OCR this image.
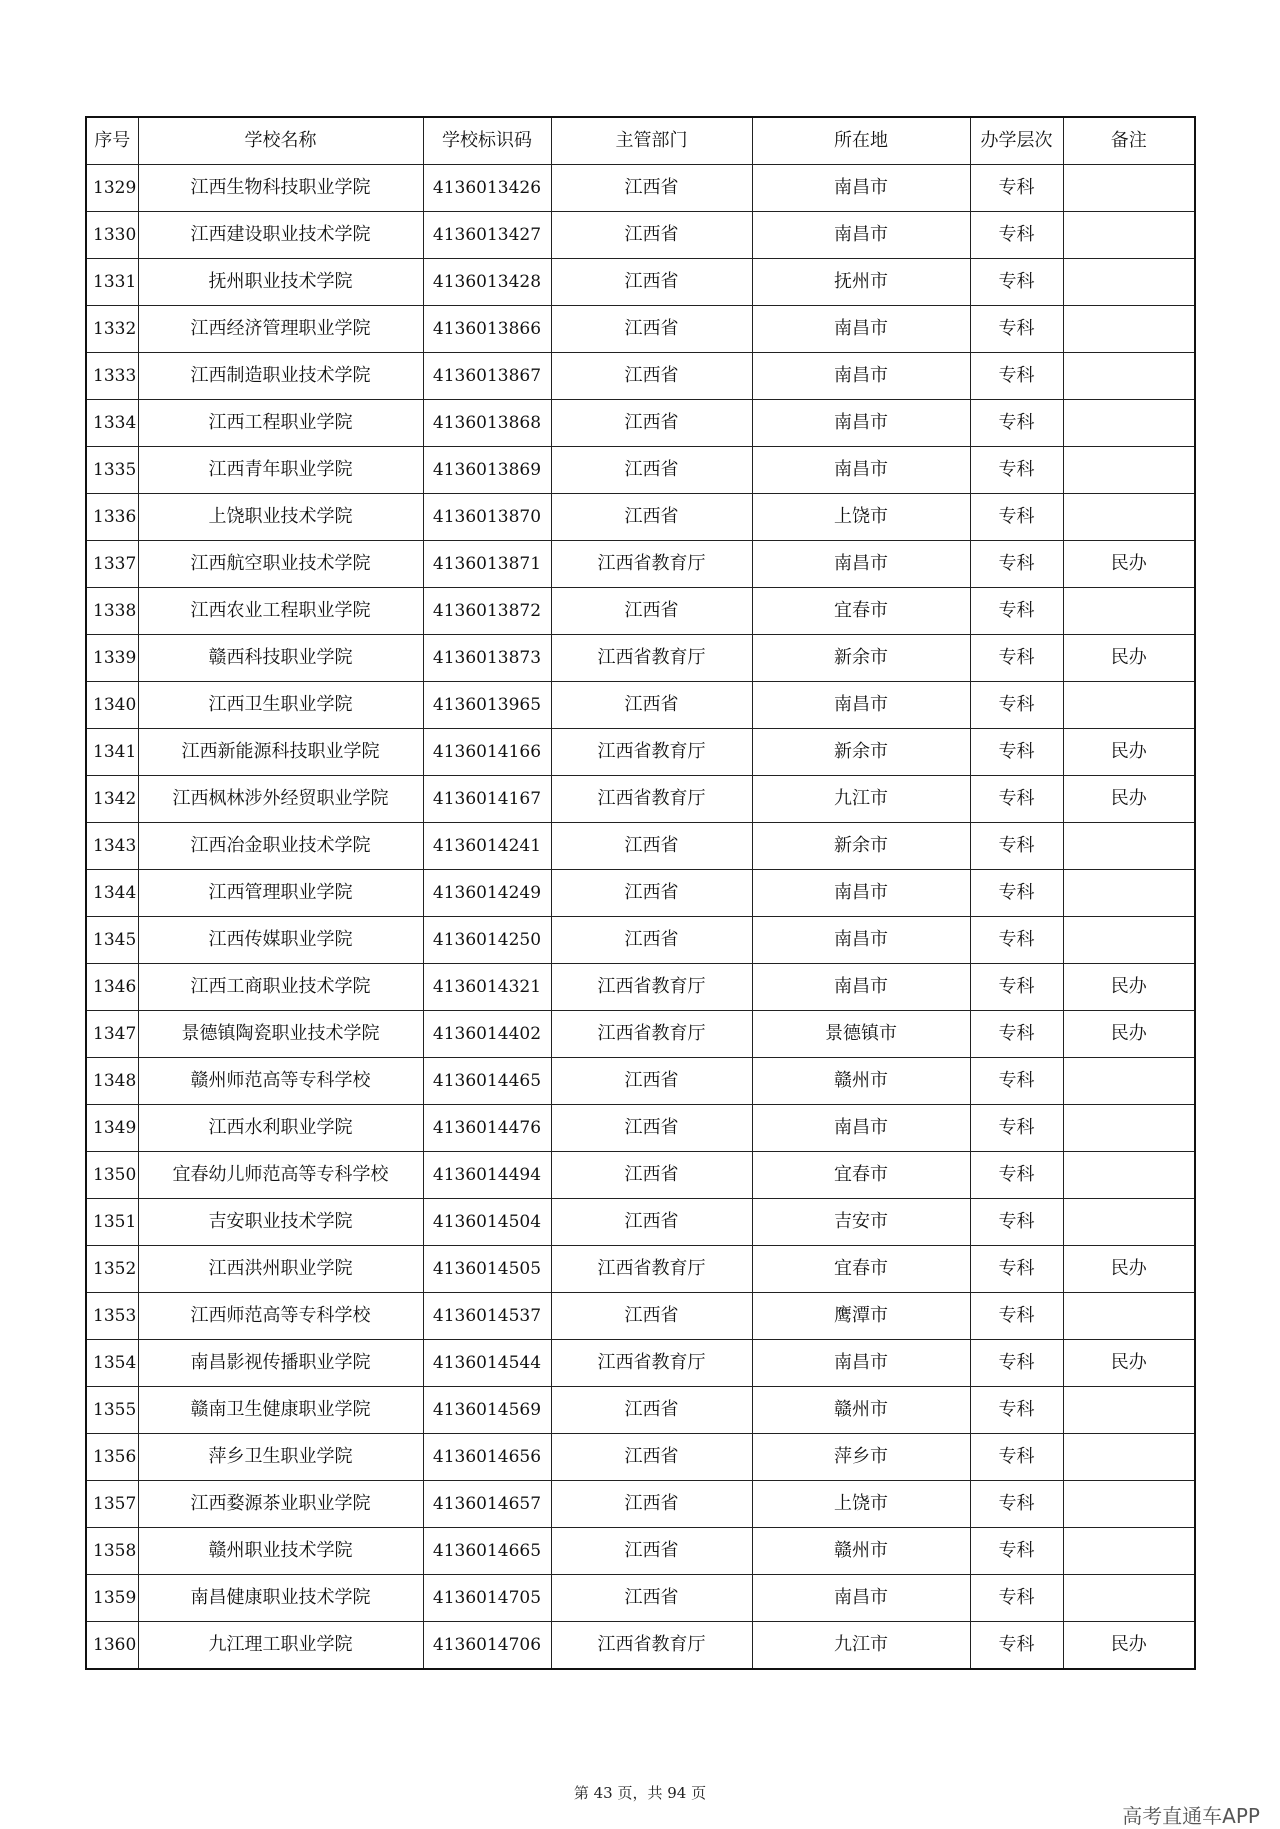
序号	学校名称	学校标识码	主管部门	所在地	办学层次	备注
1329	江西生物科技职业学院	4136013426	江西省	南昌市	专科	
1330	江西建设职业技术学院	4136013427	江西省	南昌市	专科	
1331	抚州职业技术学院	4136013428	江西省	抚州市	专科	
1332	江西经济管理职业学院	4136013866	江西省	南昌市	专科	
1333	江西制造职业技术学院	4136013867	江西省	南昌市	专科	
1334	江西工程职业学院	4136013868	江西省	南昌市	专科	
1335	江西青年职业学院	4136013869	江西省	南昌市	专科	
1336	上饶职业技术学院	4136013870	江西省	上饶市	专科	
1337	江西航空职业技术学院	4136013871	江西省教育厅	南昌市	专科	民办
1338	江西农业工程职业学院	4136013872	江西省	宜春市	专科	
1339	赣西科技职业学院	4136013873	江西省教育厅	新余市	专科	民办
1340	江西卫生职业学院	4136013965	江西省	南昌市	专科	
1341	江西新能源科技职业学院	4136014166	江西省教育厅	新余市	专科	民办
1342	江西枫林涉外经贸职业学院	4136014167	江西省教育厅	九江市	专科	民办
1343	江西冶金职业技术学院	4136014241	江西省	新余市	专科	
1344	江西管理职业学院	4136014249	江西省	南昌市	专科	
1345	江西传媒职业学院	4136014250	江西省	南昌市	专科	
1346	江西工商职业技术学院	4136014321	江西省教育厅	南昌市	专科	民办
1347	景德镇陶瓷职业技术学院	4136014402	江西省教育厅	景德镇市	专科	民办
1348	赣州师范高等专科学校	4136014465	江西省	赣州市	专科	
1349	江西水利职业学院	4136014476	江西省	南昌市	专科	
1350	宜春幼儿师范高等专科学校	4136014494	江西省	宜春市	专科	
1351	吉安职业技术学院	4136014504	江西省	吉安市	专科	
1352	江西洪州职业学院	4136014505	江西省教育厅	宜春市	专科	民办
1353	江西师范高等专科学校	4136014537	江西省	鹰潭市	专科	
1354	南昌影视传播职业学院	4136014544	江西省教育厅	南昌市	专科	民办
1355	赣南卫生健康职业学院	4136014569	江西省	赣州市	专科	
1356	萍乡卫生职业学院	4136014656	江西省	萍乡市	专科	
1357	江西婺源茶业职业学院	4136014657	江西省	上饶市	专科	
1358	赣州职业技术学院	4136014665	江西省	赣州市	专科	
1359	南昌健康职业技术学院	4136014705	江西省	南昌市	专科	
1360	九江理工职业学院	4136014706	江西省教育厅	九江市	专科	民办
第 43 页，共 94 页
高考直通车APP
